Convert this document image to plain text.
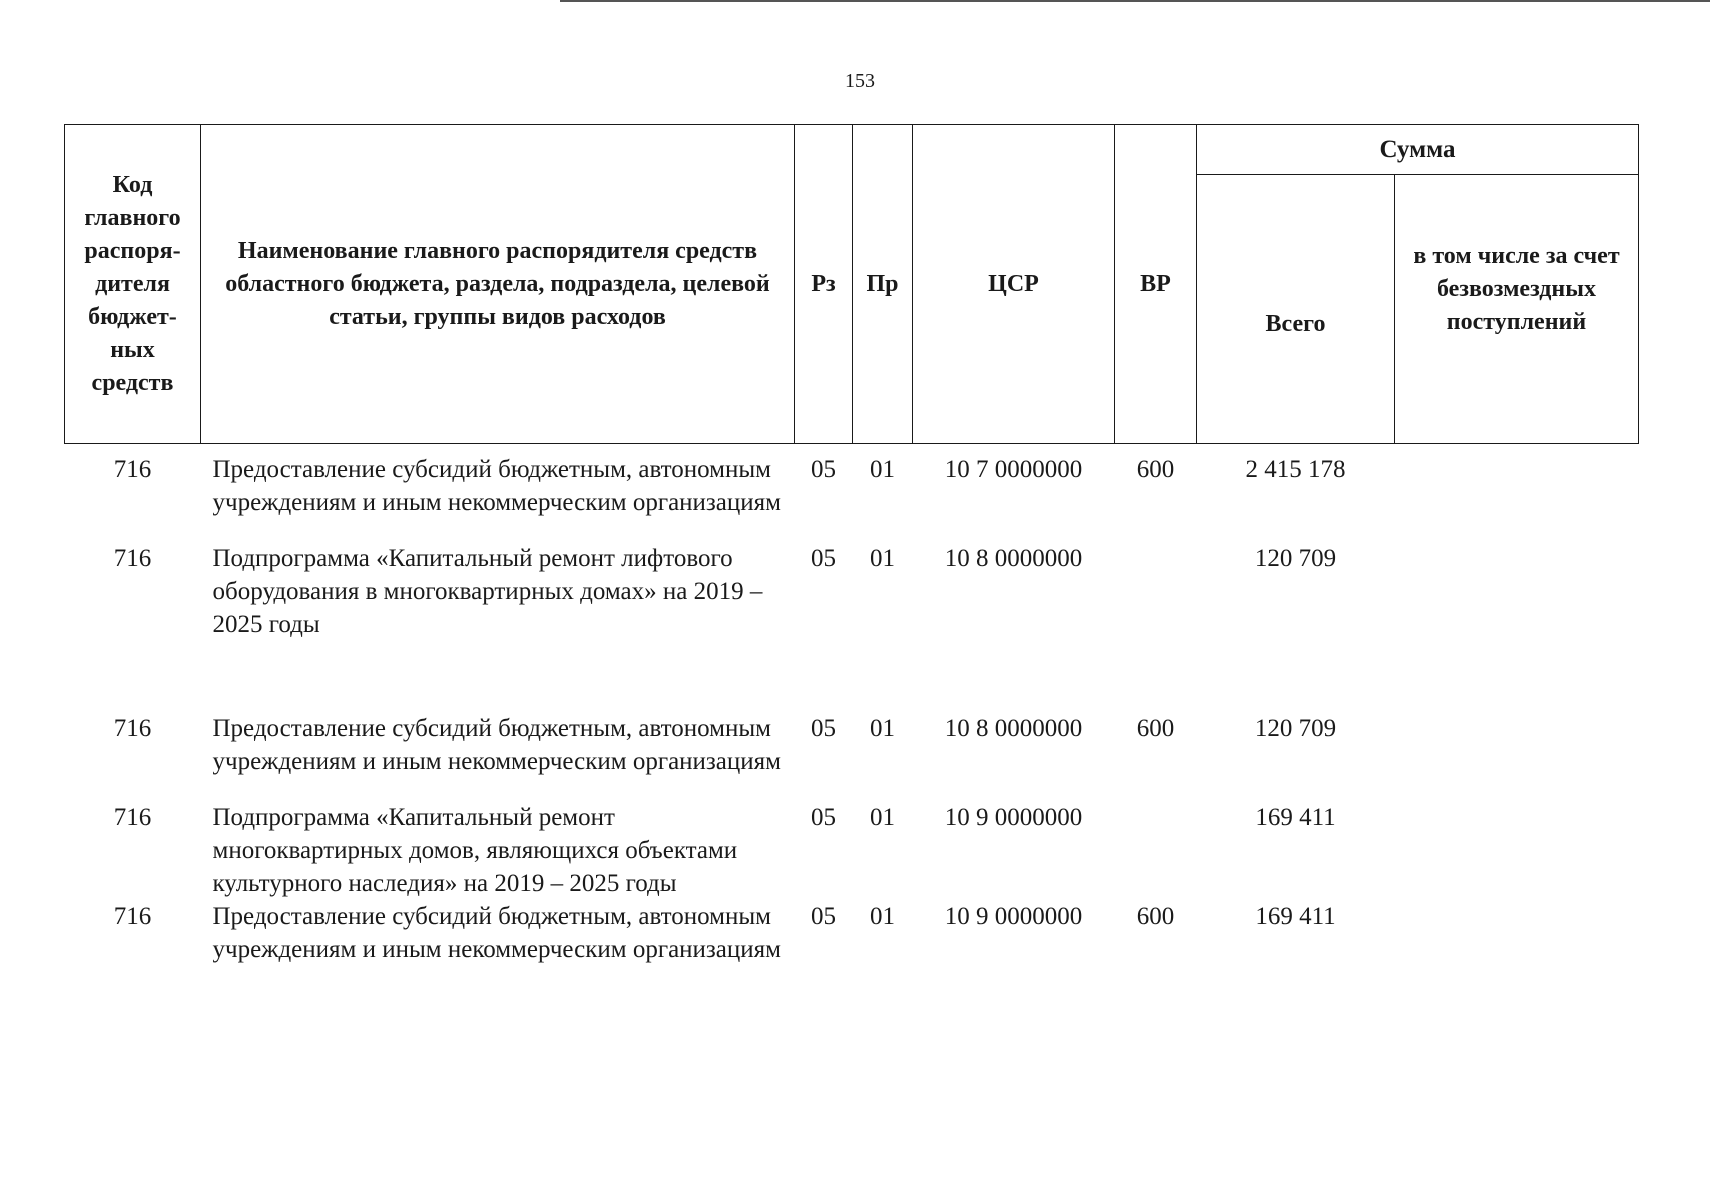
153
Код главного распоря-дителя бюджет-ных средств	Наименование главного распорядителя средств областного бюджета, раздела, подраздела, целевой статьи, группы видов расходов	Рз	Пр	ЦСР	ВР	Сумма	
						Всего	в том числе за счет безвозмездных поступлений
716	Предоставление субсидий бюджетным, автономным учреждениям и иным некоммерческим организациям	05	01	10 7 0000000	600	2 415 178	
716	Подпрограмма «Капитальный ремонт лифтового оборудования в многоквартирных домах» на 2019 – 2025 годы	05	01	10 8 0000000		120 709	
716	Предоставление субсидий бюджетным, автономным учреждениям и иным некоммерческим организациям	05	01	10 8 0000000	600	120 709	
716	Подпрограмма «Капитальный ремонт многоквартирных домов, являющихся объектами культурного наследия» на 2019 – 2025 годы	05	01	10 9 0000000		169 411	
716	Предоставление субсидий бюджетным, автономным учреждениям и иным некоммерческим организациям	05	01	10 9 0000000	600	169 411	
